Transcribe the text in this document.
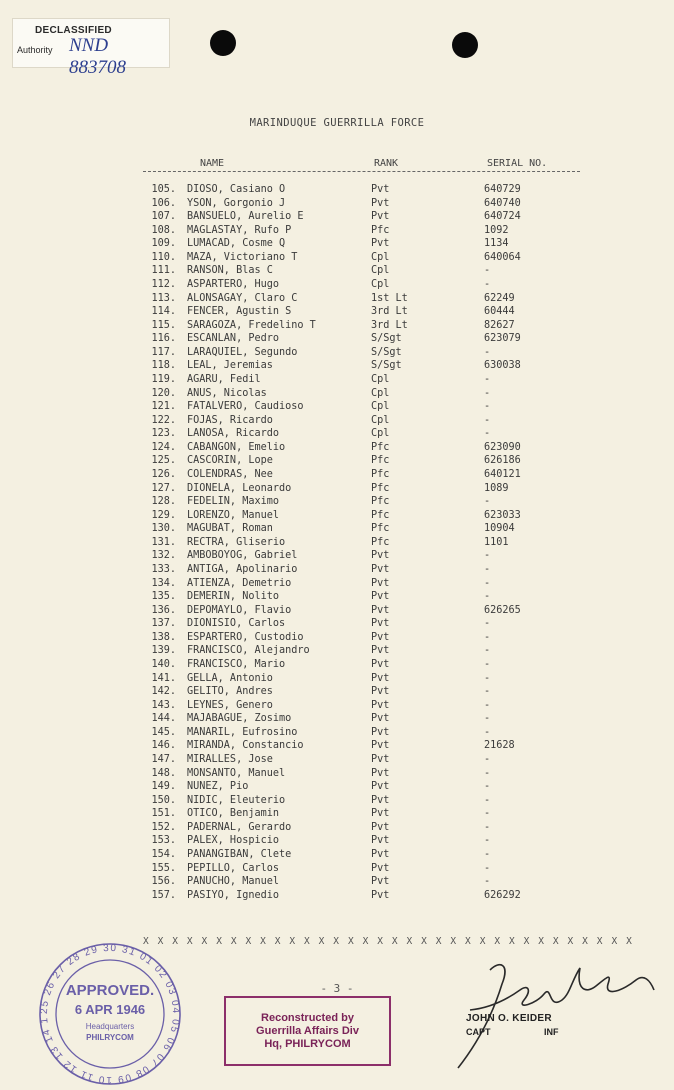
DECLASSIFIED
Authority NND 883708
MARINDUQUE GUERRILLA FORCE
NAME	RANK	SERIAL NO.
105. DIOSO, Casiano O	Pvt	640729
106. YSON, Gorgonio J	Pvt	640740
107. BANSUELO, Aurelio E	Pvt	640724
108. MAGLASTAY, Rufo P	Pfc	1092
109. LUMACAD, Cosme Q	Pvt	1134
110. MAZA, Victoriano T	Cpl	640064
111. RANSON, Blas C	Cpl	-
112. ASPARTERO, Hugo	Cpl	-
113. ALONSAGAY, Claro C	1st Lt	62249
114. FENCER, Agustin S	3rd Lt	60444
115. SARAGOZA, Fredelino T	3rd Lt	82627
116. ESCANLAN, Pedro	S/Sgt	623079
117. LARAQUIEL, Segundo	S/Sgt	-
118. LEAL, Jeremias	S/Sgt	630038
119. AGARU, Fedil	Cpl	-
120. ANUS, Nicolas	Cpl	-
121. FATALVERO, Caudioso	Cpl	-
122. FOJAS, Ricardo	Cpl	-
123. LANOSA, Ricardo	Cpl	-
124. CABANGON, Emelio	Pfc	623090
125. CASCORIN, Lope	Pfc	626186
126. COLENDRAS, Nee	Pfc	640121
127. DIONELA, Leonardo	Pfc	1089
128. FEDELIN, Maximo	Pfc	-
129. LORENZO, Manuel	Pfc	623033
130. MAGUBAT, Roman	Pfc	10904
131. RECTRA, Gliserio	Pfc	1101
132. AMBOBOYOG, Gabriel	Pvt	-
133. ANTIGA, Apolinario	Pvt	-
134. ATIENZA, Demetrio	Pvt	-
135. DEMERIN, Nolito	Pvt	-
136. DEPOMAYLO, Flavio	Pvt	626265
137. DIONISIO, Carlos	Pvt	-
138. ESPARTERO, Custodio	Pvt	-
139. FRANCISCO, Alejandro	Pvt	-
140. FRANCISCO, Mario	Pvt	-
141. GELLA, Antonio	Pvt	-
142. GELITO, Andres	Pvt	-
143. LEYNES, Genero	Pvt	-
144. MAJABAGUE, Zosimo	Pvt	-
145. MANARIL, Eufrosino	Pvt	-
146. MIRANDA, Constancio	Pvt	21628
147. MIRALLES, Jose	Pvt	-
148. MONSANTO, Manuel	Pvt	-
149. NUNEZ, Pio	Pvt	-
150. NIDIC, Eleuterio	Pvt	-
151. OTICO, Benjamin	Pvt	-
152. PADERNAL, Gerardo	Pvt	-
153. PALEX, Hospicio	Pvt	-
154. PANANGIBAN, Clete	Pvt	-
155. PEPILLO, Carlos	Pvt	-
156. PANUCHO, Manuel	Pvt	-
157. PASIYO, Ignedio	Pvt	626292
X X X X X X X X X X X X X X X X X X X X X X X X X X X X X X X X X X
- 3 -
25 26 27 28 29 30 31 01 02 03 04 05 06 07 08 09 10 11 12 13 14 1
APPROVED.
6 APR 1946
Headquarters
PHILRYCOM
Reconstructed by
Guerrilla Affairs Div
Hq, PHILRYCOM
JOHN O. KEIDER
CAPT	INF
